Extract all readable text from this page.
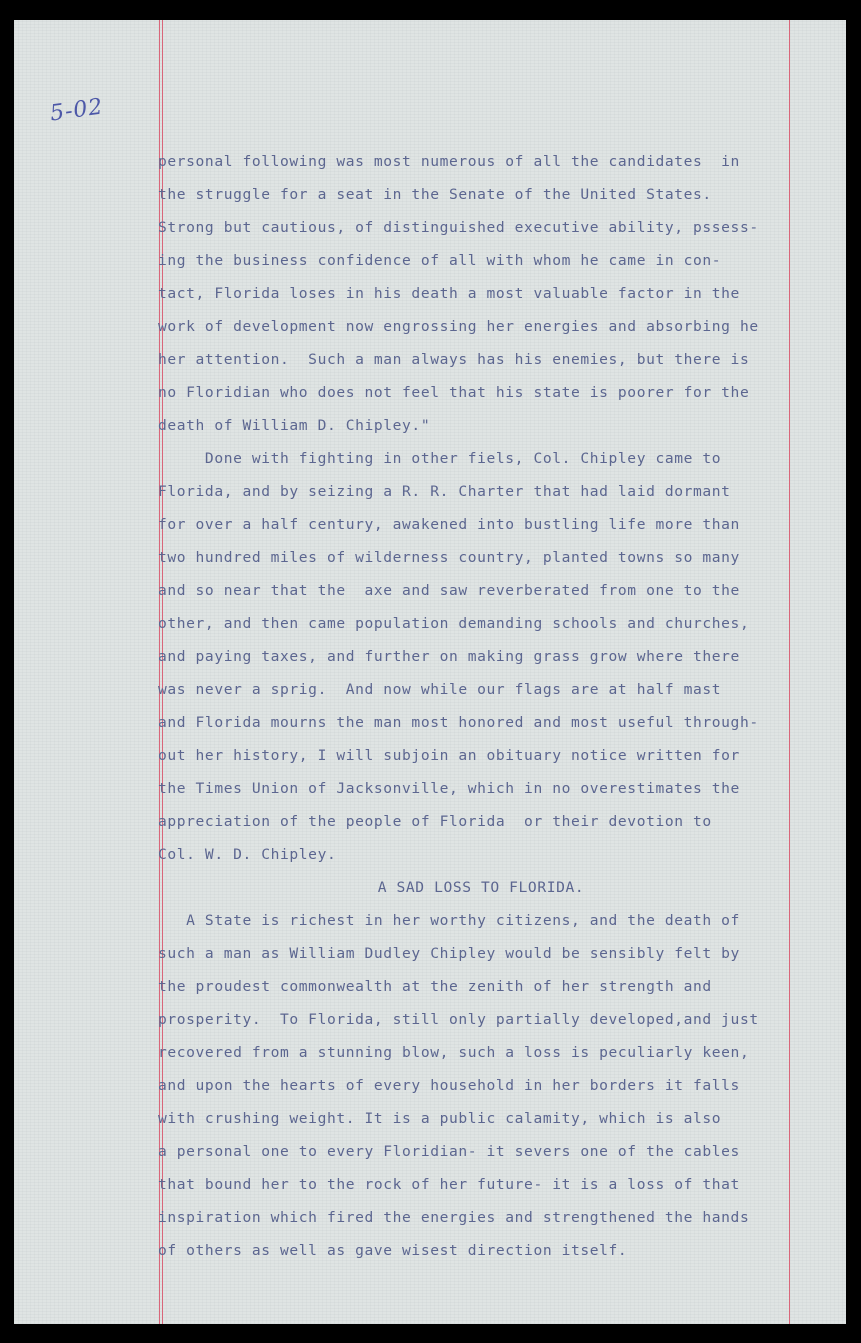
5-02
personal following was most numerous of all the candidates  in
the struggle for a seat in the Senate of the United States.
Strong but cautious, of distinguished executive ability, pssess-
ing the business confidence of all with whom he came in con-
tact, Florida loses in his death a most valuable factor in the
work of development now engrossing her energies and absorbing he
her attention.  Such a man always has his enemies, but there is
no Floridian who does not feel that his state is poorer for the
death of William D. Chipley."
Done with fighting in other fiels, Col. Chipley came to
Florida, and by seizing a R. R. Charter that had laid dormant
for over a half century, awakened into bustling life more than
two hundred miles of wilderness country, planted towns so many
and so near that the  axe and saw reverberated from one to the
other, and then came population demanding schools and churches,
and paying taxes, and further on making grass grow where there
was never a sprig.  And now while our flags are at half mast
and Florida mourns the man most honored and most useful through-
out her history, I will subjoin an obituary notice written for
the Times Union of Jacksonville, which in no overestimates the
appreciation of the people of Florida  or their devotion to
Col. W. D. Chipley.
A SAD LOSS TO FLORIDA.
A State is richest in her worthy citizens, and the death of
such a man as William Dudley Chipley would be sensibly felt by
the proudest commonwealth at the zenith of her strength and
prosperity.  To Florida, still only partially developed,and just
recovered from a stunning blow, such a loss is peculiarly keen,
and upon the hearts of every household in her borders it falls
with crushing weight. It is a public calamity, which is also
a personal one to every Floridian- it severs one of the cables
that bound her to the rock of her future- it is a loss of that
inspiration which fired the energies and strengthened the hands
of others as well as gave wisest direction itself.
